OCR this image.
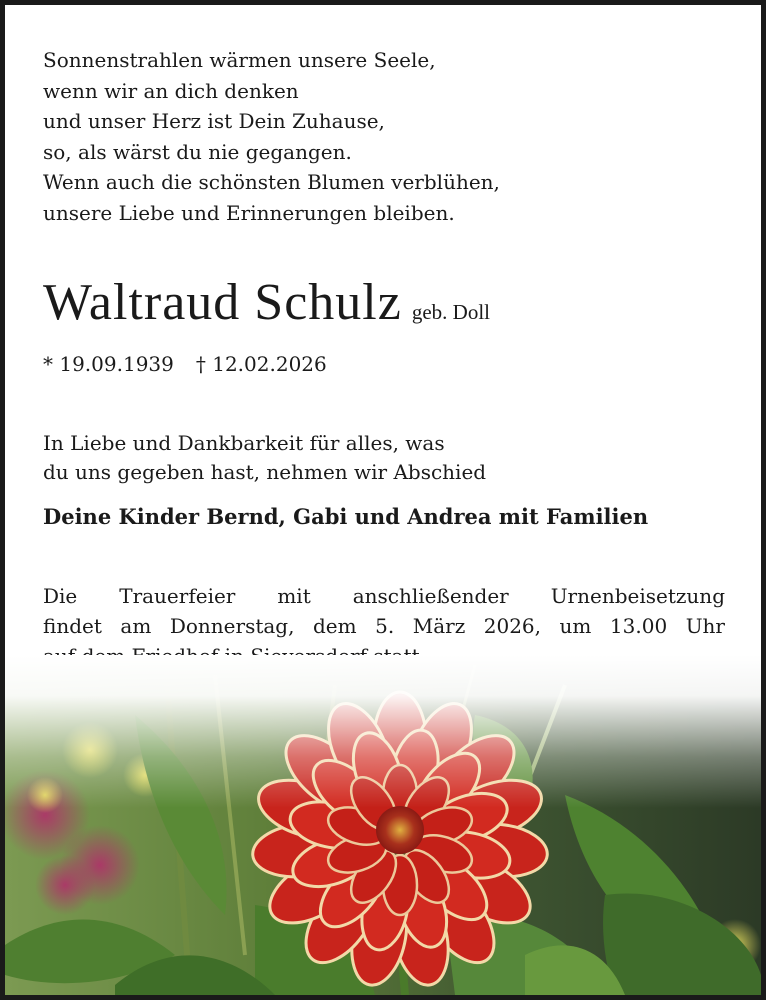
Sonnenstrahlen wärmen unsere Seele,
wenn wir an dich denken
und unser Herz ist Dein Zuhause,
so, als wärst du nie gegangen.
Wenn auch die schönsten Blumen verblühen,
unsere Liebe und Erinnerungen bleiben.
Waltraud Schulz geb. Doll
* 19.09.1939 † 12.02.2026
In Liebe und Dankbarkeit für alles, was
du uns gegeben hast, nehmen wir Abschied
Deine Kinder Bernd, Gabi und Andrea mit Familien
Die Trauerfeier mit anschließender Urnenbeisetzung
findet am Donnerstag, dem 5. März 2026, um 13.00 Uhr
